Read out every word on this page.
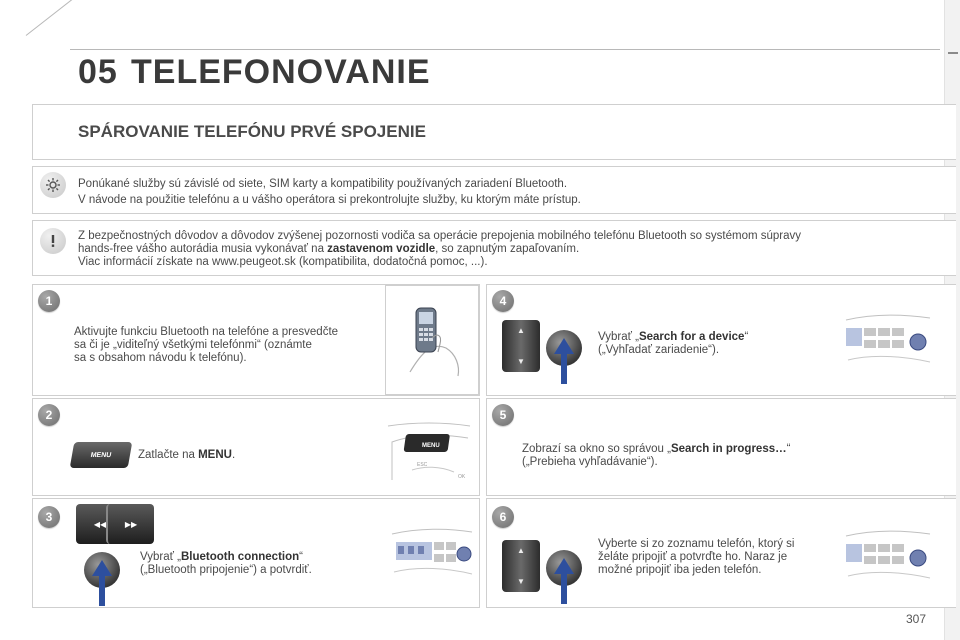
05 TELEFONOVANIE
SPÁROVANIE TELEFÓNU PRVÉ SPOJENIE
Ponúkané služby sú závislé od siete, SIM karty a kompatibility používaných zariadení Bluetooth.
V návode na použitie telefónu a u vášho operátora si prekontrolujte služby, ku ktorým máte prístup.
Z bezpečnostných dôvodov a dôvodov zvýšenej pozornosti vodiča sa operácie prepojenia mobilného telefónu Bluetooth so systémom súpravy
hands-free vášho autorádia musia vykonávať na zastavenom vozidle, so zapnutým zapaľovaním.
Viac informácií získate na www.peugeot.sk (kompatibilita, dodatočná pomoc, ...).
1
Aktivujte funkciu Bluetooth na telefóne a presvedčte
sa či je „viditeľný všetkými telefónmi“ (oznámte
sa s obsahom návodu k telefónu).
2
MENU	Zatlačte na MENU.
MENU
ESC
OK
3	◀◀ ▶▶
Vybrať „Bluetooth connection“
(„Bluetooth pripojenie“) a potvrdiť.
4
▲
▼
Vybrať „Search for a device“
(„Vyhľadať zariadenie“).
5
Zobrazí sa okno so správou „Search in progress…“
(„Prebieha vyhľadávanie“).
6
▲
▼
Vyberte si zo zoznamu telefón, ktorý si
želáte pripojiť a potvrďte ho. Naraz je
možné pripojiť iba jeden telefón.
307
